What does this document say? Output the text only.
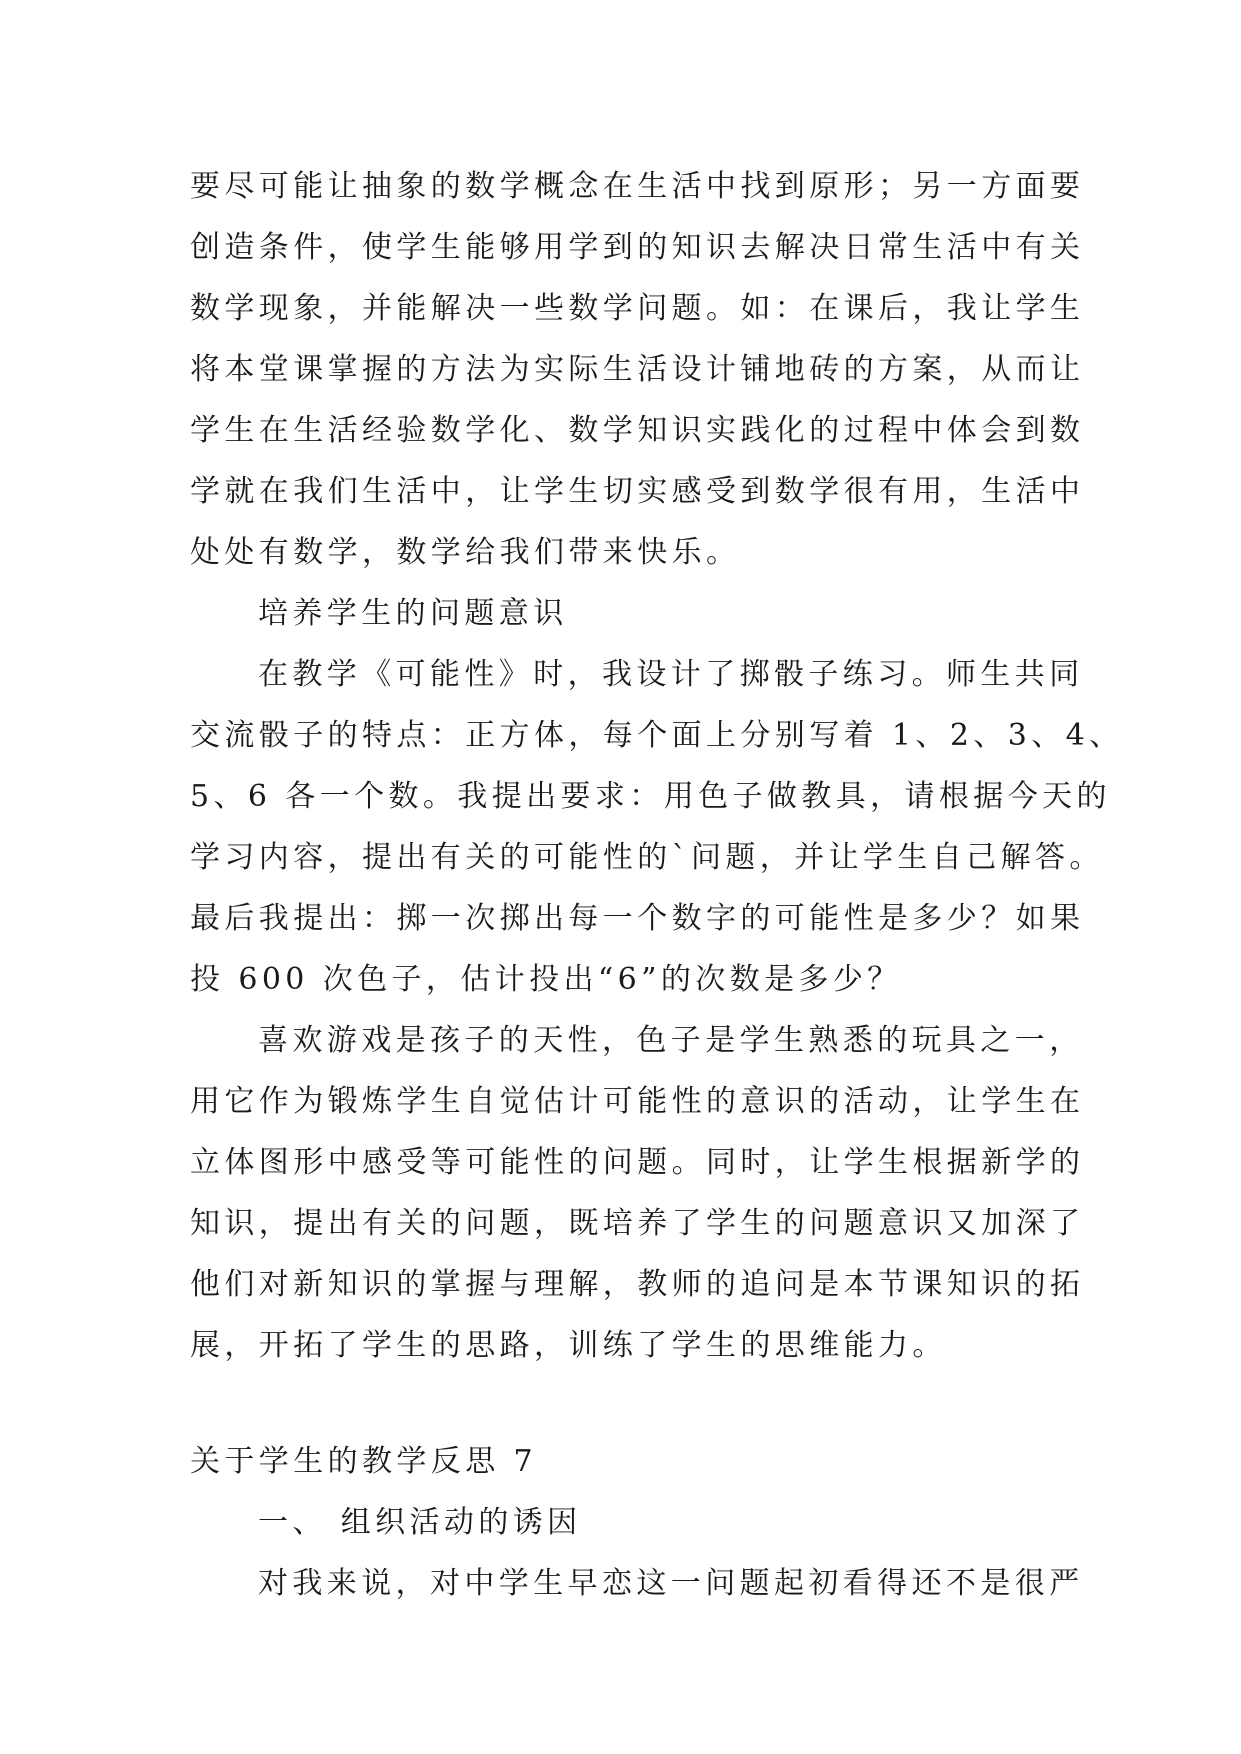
要尽可能让抽象的数学概念在生活中找到原形；另一方面要
创造条件，使学生能够用学到的知识去解决日常生活中有关
数学现象，并能解决一些数学问题。如：在课后，我让学生
将本堂课掌握的方法为实际生活设计铺地砖的方案，从而让
学生在生活经验数学化、数学知识实践化的过程中体会到数
学就在我们生活中，让学生切实感受到数学很有用，生活中
处处有数学，数学给我们带来快乐。
培养学生的问题意识
在教学《可能性》时，我设计了掷骰子练习。师生共同
交流骰子的特点：正方体，每个面上分别写着 1、2、3、4、
5、6 各一个数。我提出要求：用色子做教具，请根据今天的
学习内容，提出有关的可能性的`问题，并让学生自己解答。
最后我提出：掷一次掷出每一个数字的可能性是多少？如果
投 600 次色子，估计投出“6”的次数是多少？
喜欢游戏是孩子的天性，色子是学生熟悉的玩具之一，
用它作为锻炼学生自觉估计可能性的意识的活动，让学生在
立体图形中感受等可能性的问题。同时，让学生根据新学的
知识，提出有关的问题，既培养了学生的问题意识又加深了
他们对新知识的掌握与理解，教师的追问是本节课知识的拓
展，开拓了学生的思路，训练了学生的思维能力。
关于学生的教学反思 7
一、 组织活动的诱因
对我来说，对中学生早恋这一问题起初看得还不是很严
